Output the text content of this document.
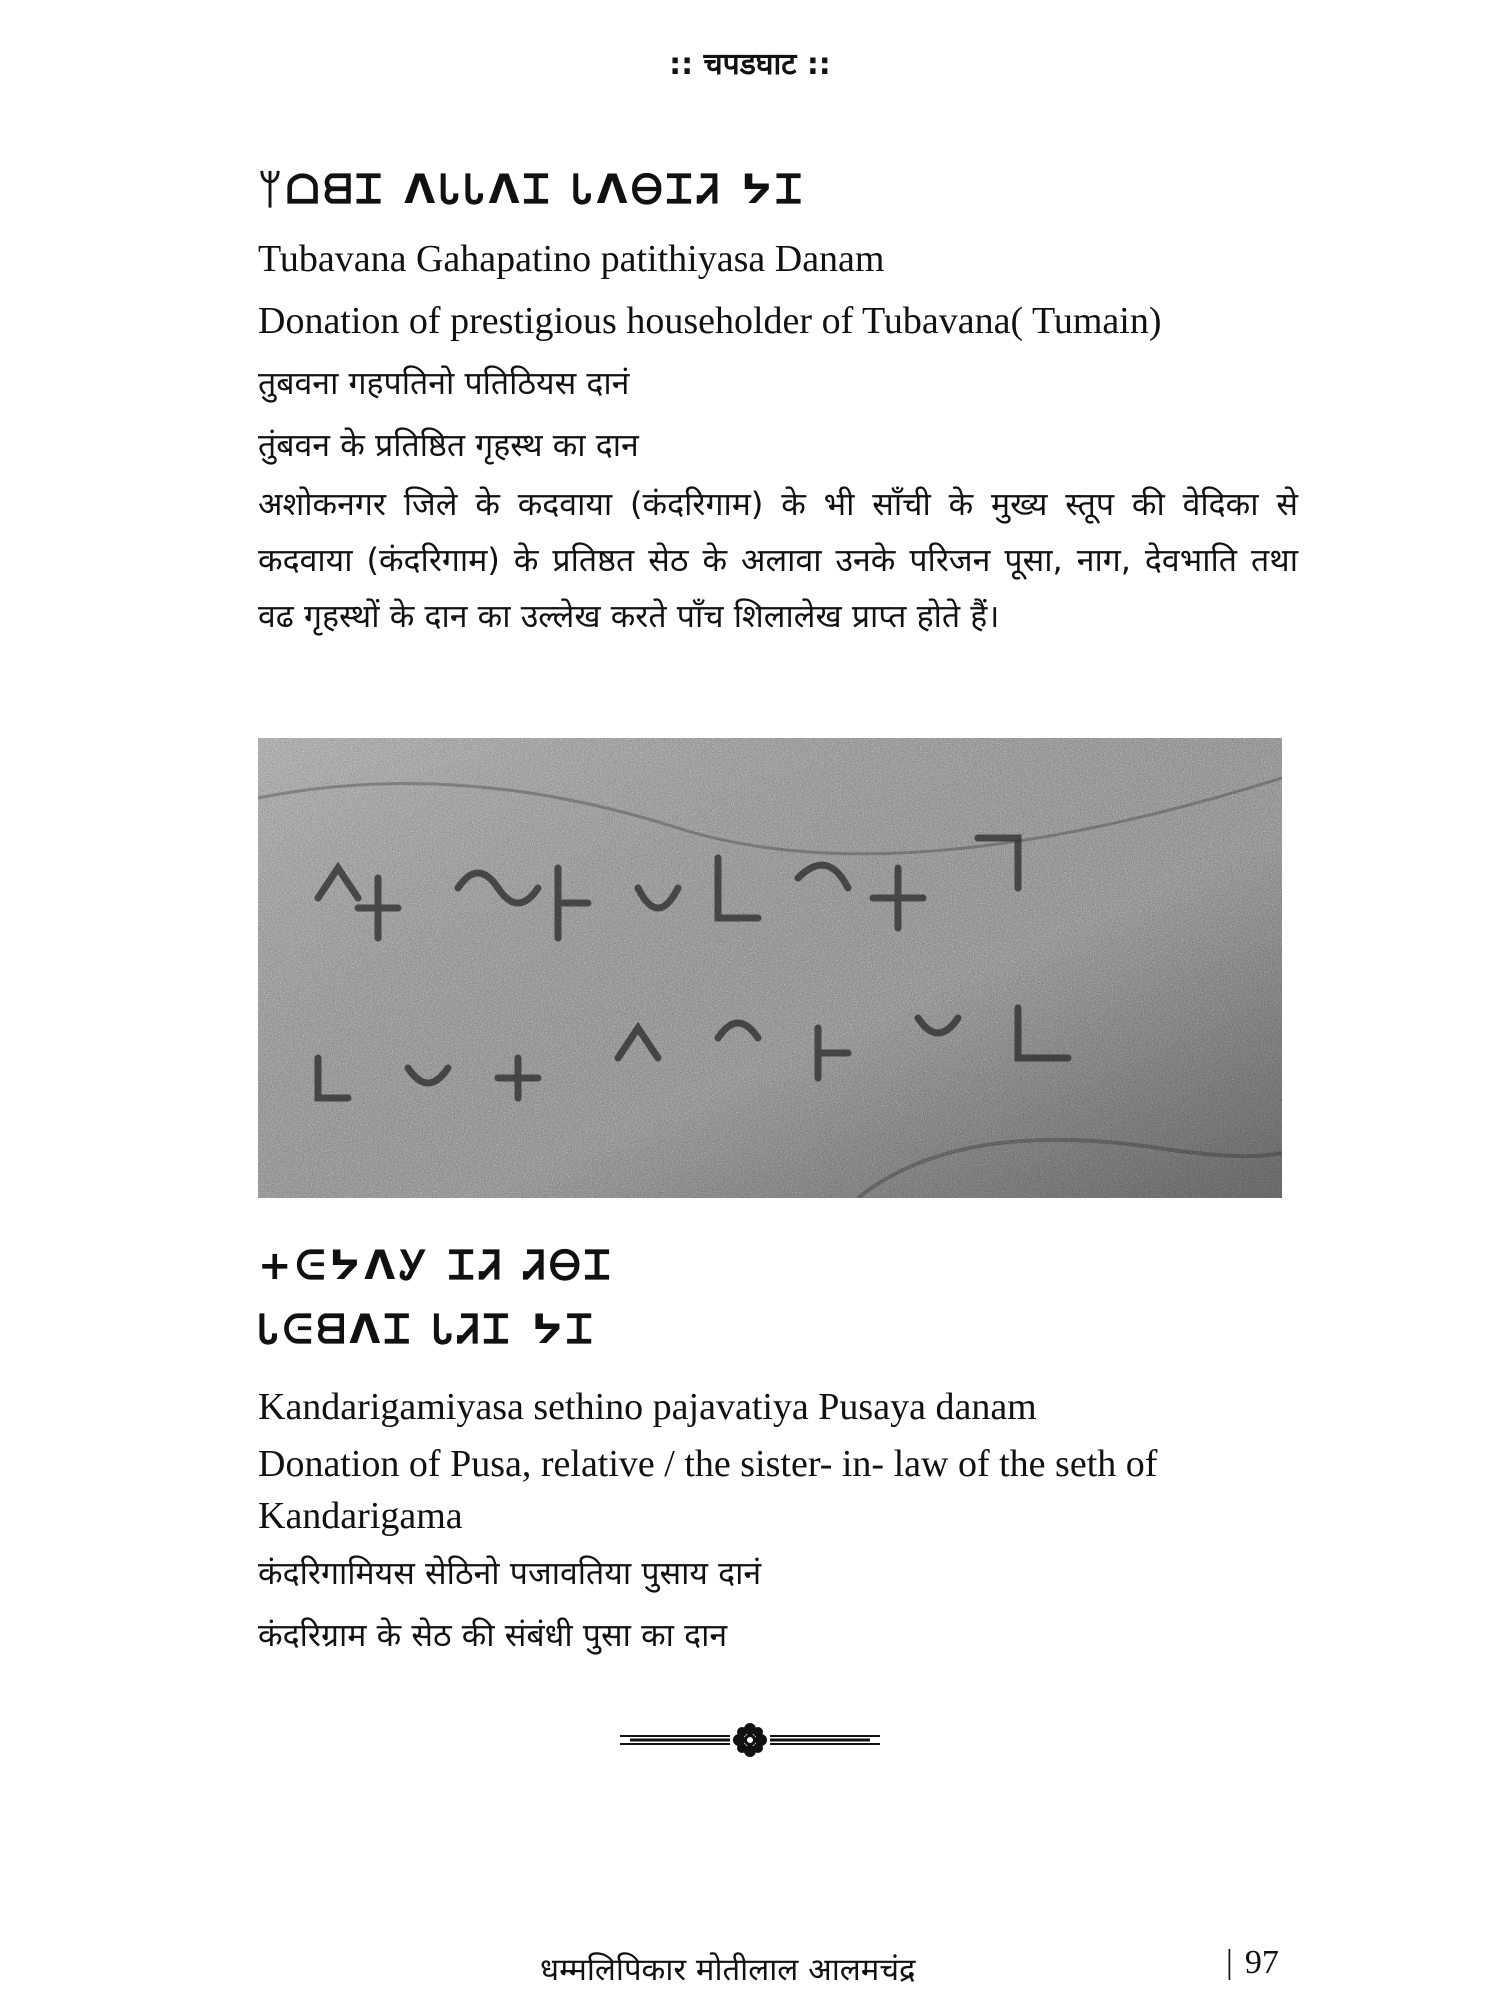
:: चपडघाट ::
ᛘᗝᗺᏆ ᐱᏓᏓᐱᏆ ᏓᐱᎾᏆᏘ ᔭᏆ
Tubavana Gahapatino patithiyasa Danam
Donation of prestigious householder of Tubavana( Tumain)
तुबवना गहपतिनो पतिठियस दानं
तुंबवन के प्रतिष्ठित गृहस्थ का दान
अशोकनगर जिले के कदवाया (कंदरिगाम) के भी साँची के मुख्य स्तूप की वेदिका से कदवाया (कंदरिगाम) के प्रतिष्ठत सेठ के अलावा उनके परिजन पूसा, नाग, देवभाति तथा वढ गृहस्थों के दान का उल्लेख करते पाँच शिलालेख प्राप्त होते हैं।
+ᕮᔭᐱᎩ ᏆᏘ ᏘᎾᏆ
ᏓᕮᗺᐱᏆ ᏓᏘᏆ ᔭᏆ
Kandarigamiyasa sethino pajavatiya Pusaya danam
Donation of Pusa, relative / the sister- in- law of the seth of Kandarigama
कंदरिगामियस सेठिनो पजावतिया पुसाय दानं
कंदरिग्राम के सेठ की संबंधी पुसा का दान
धम्मलिपिकार मोतीलाल आलमचंद्र	| 97
